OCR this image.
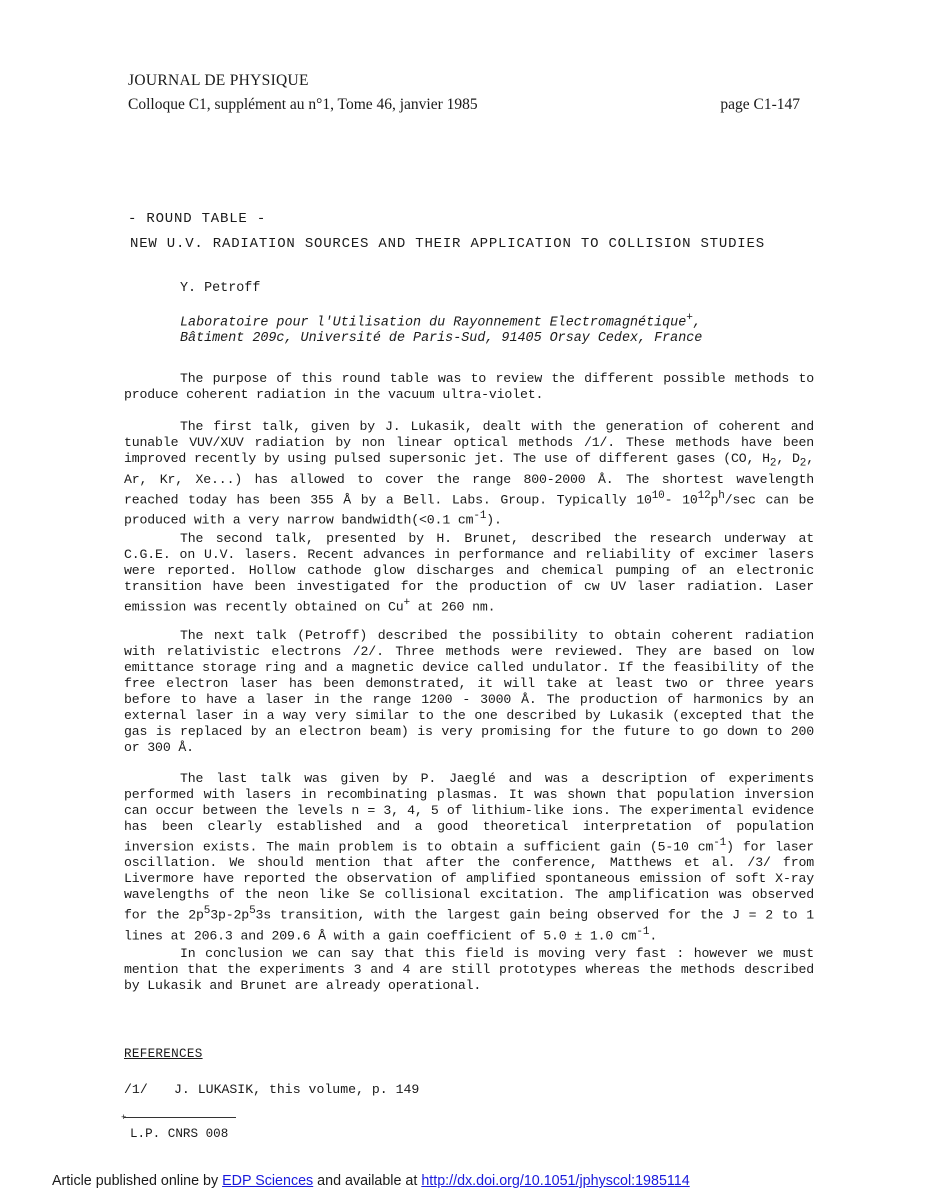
JOURNAL DE PHYSIQUE
Colloque C1, supplément au n°1, Tome 46, janvier 1985	page C1-147
- ROUND TABLE -
NEW U.V. RADIATION SOURCES AND THEIR APPLICATION TO COLLISION STUDIES
Y. Petroff
Laboratoire pour l'Utilisation du Rayonnement Electromagnétique+,
Bâtiment 209c, Université de Paris-Sud, 91405 Orsay Cedex, France

The purpose of this round table was to review the different possible methods to produce coherent radiation in the vacuum ultra-violet.

The first talk, given by J. Lukasik, dealt with the generation of coherent and tunable VUV/XUV radiation by non linear optical methods /1/. These methods have been improved recently by using pulsed supersonic jet. The use of different gases (CO, $H_2$, $D_2$, Ar, Kr, Xe...) has allowed to cover the range 800-2000 Å. The shortest wavelength reached today has been 355 Å by a Bell. Labs. Group. Typically $10^{10}-$ $10^{12}p^h/\sec$ can be produced with a very narrow bandwidth(<0.1 $cm^{-1}$).

The second talk, presented by H. Brunet, described the research underway at C.G.E. on U.V. lasers. Recent advances in performance and reliability of excimer lasers were reported. Hollow cathode glow discharges and chemical pumping of an electronic transition have been investigated for the production of cw UV laser radiation. Laser emission was recently obtained on Cu+ at 260 nm.

The next talk (Petroff) described the possibility to obtain coherent radiation with relativistic electrons /2/. Three methods were reviewed. They are based on low emittance storage ring and a magnetic device called undulator. If the feasibility of the free electron laser has been demonstrated, it will take at least two or three years before to have a laser in the range 1200 - 3000 Å. The production of harmonics by an external laser in a way very similar to the one described by Lukasik (excepted that the gas is replaced by an electron beam) is very promising for the future to go down to 200 or 300 Å.

The last talk was given by P. Jaeglé and was a description of experiments performed with lasers in recombinating plasmas. It was shown that population inversion can occur between the levels n = 3, 4, 5 of lithium-like ions. The experimental evidence has been clearly established and a good theoretical interpretation of population inversion exists. The main problem is to obtain a sufficient gain (5-10 $cm^{-1}$) for laser oscillation. We should mention that after the conference, Matthews et al. /3/ from Livermore have reported the observation of amplified spontaneous emission of soft X-ray wavelengths of the neon like Se collisional excitation. The amplification was observed for the $2p^53p-2p^53s$ transition, with the largest gain being observed for the J = 2 to 1 lines at 206.3 and 209.6 Å with a gain coefficient of 5.0 ± 1.0 $cm^{-1}$.

In conclusion we can say that this field is moving very fast : however we must mention that the experiments 3 and 4 are still prototypes whereas the methods described by Lukasik and Brunet are already operational.

REFERENCES
/1/ J. LUKASIK, this volume, p. 149
+
L.P. CNRS 008
Article published online by EDP Sciences and available at http://dx.doi.org/10.1051/jphyscol:1985114
